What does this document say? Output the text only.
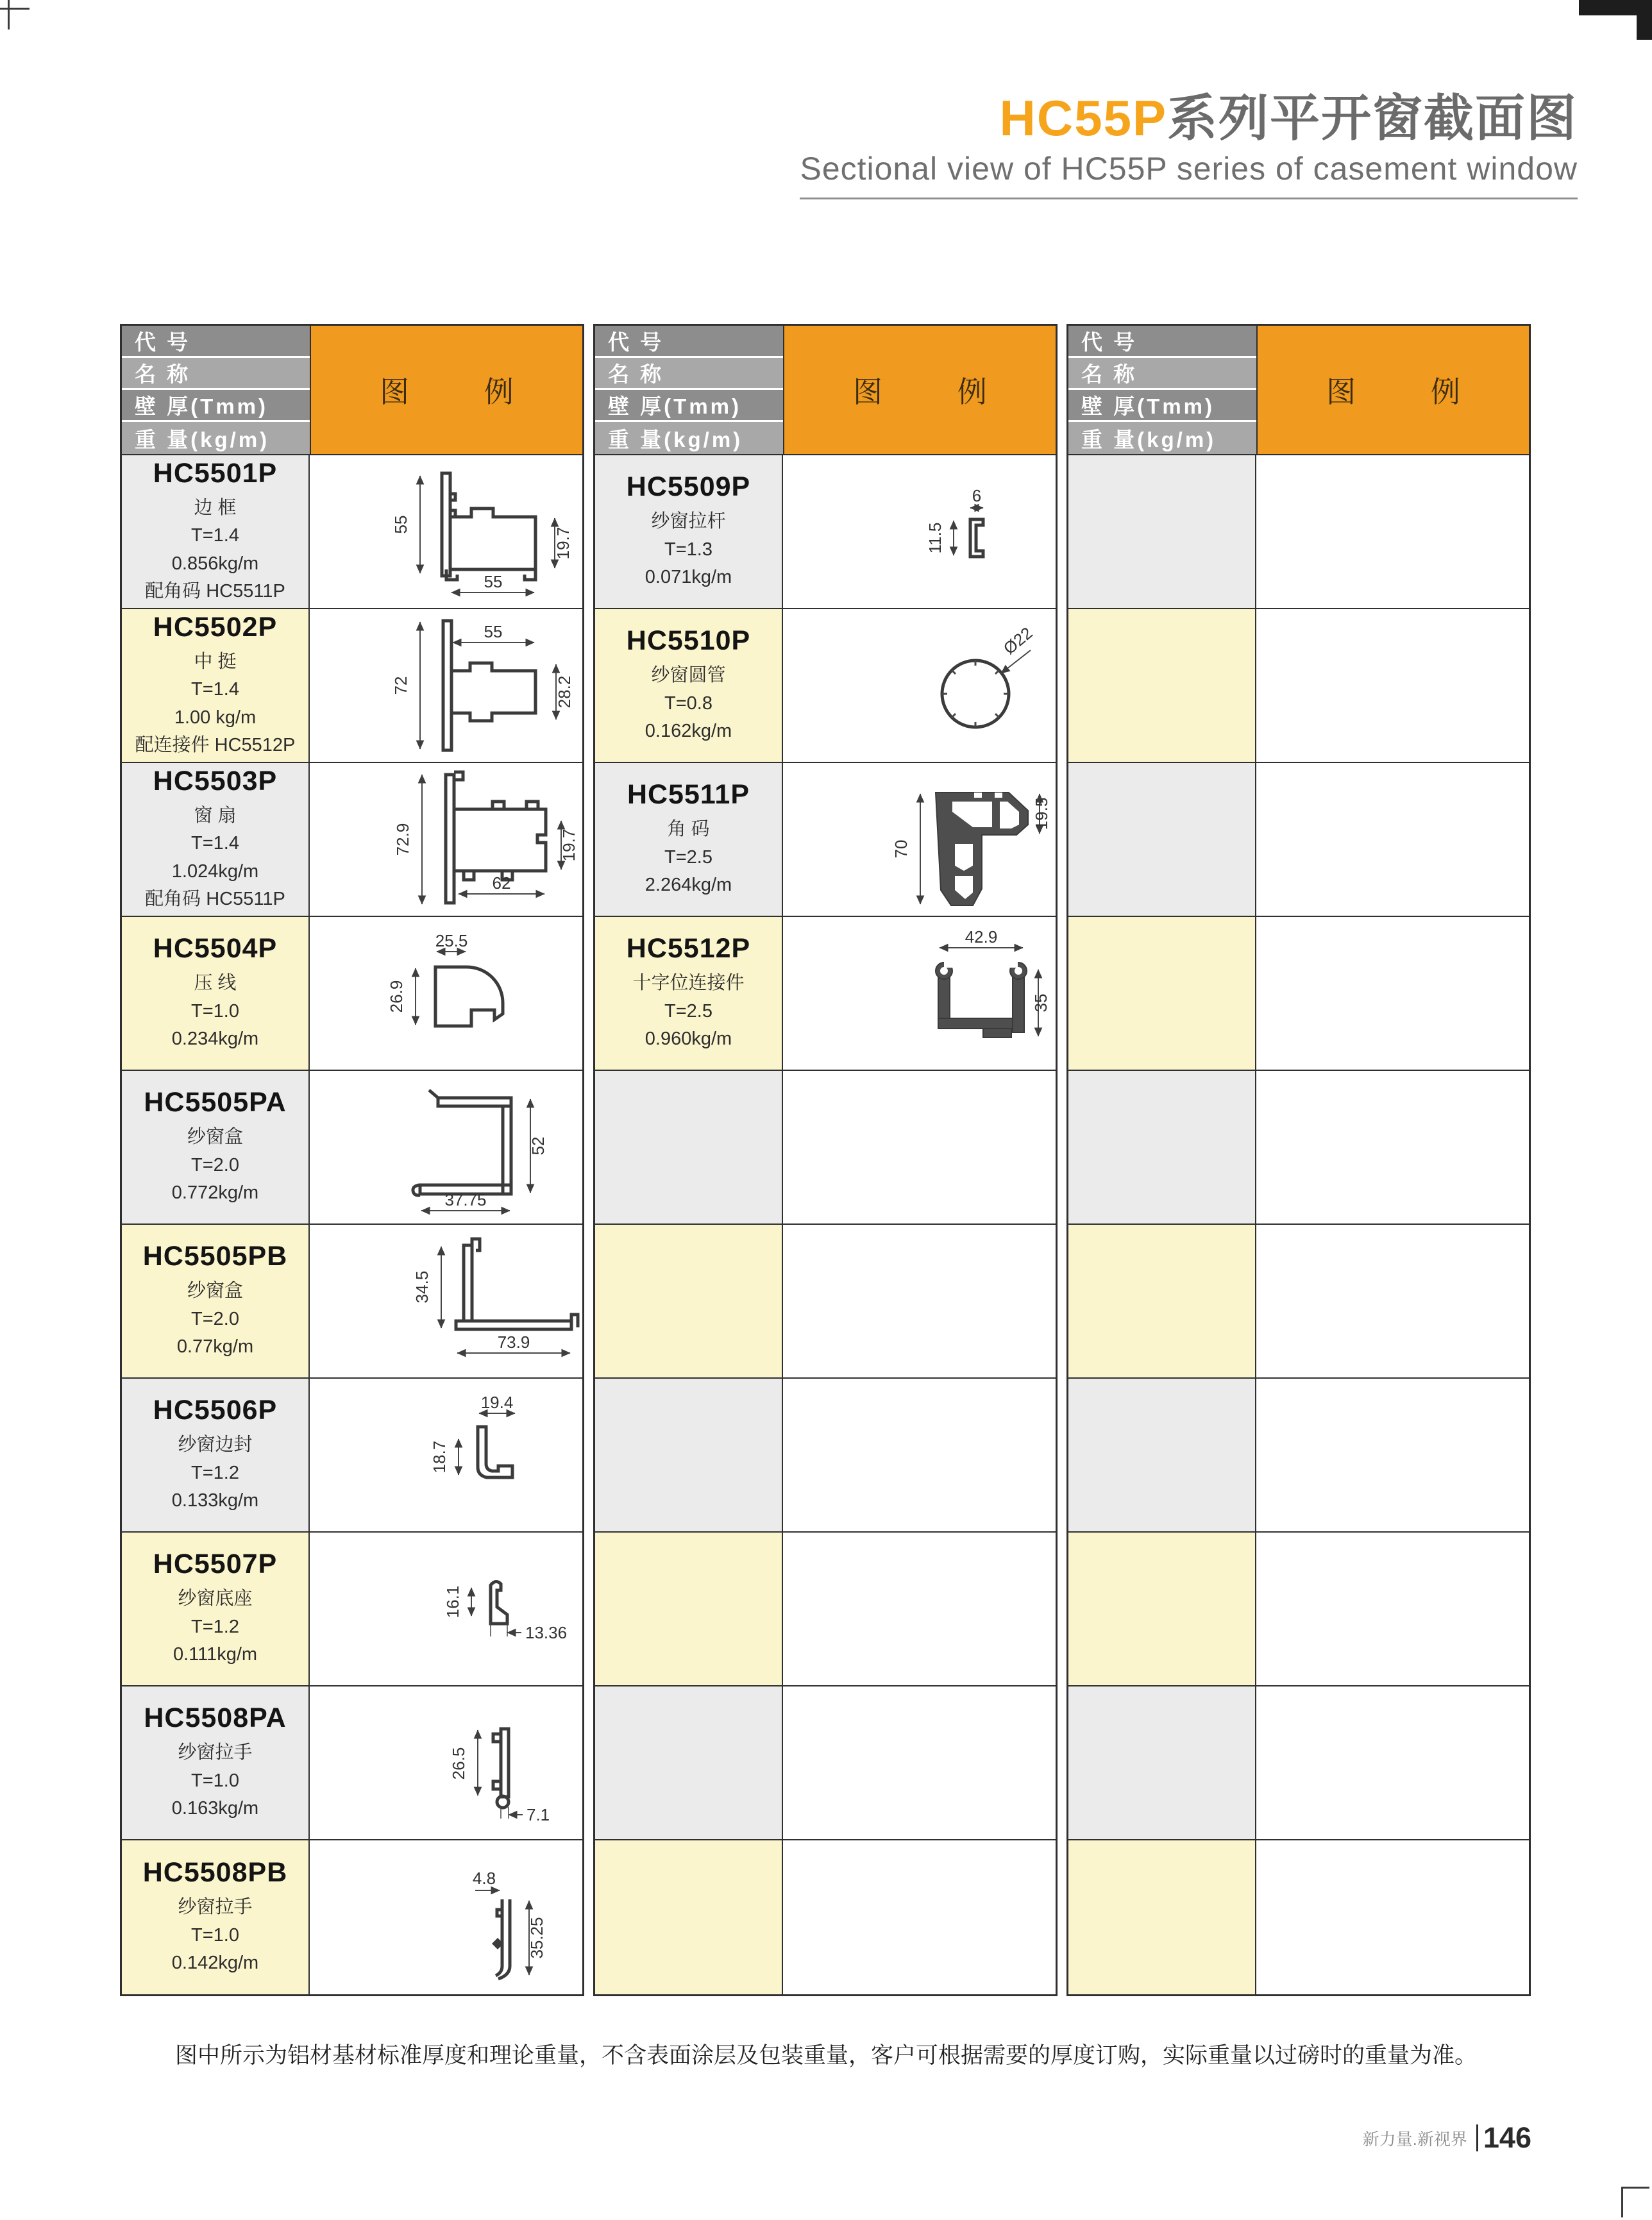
HC55P系列平开窗截面图
Sectional view of HC55P series of casement window
代 号
名 称
壁 厚(Tmm)
重 量(kg/m)
图 例
HC5501P
边 框
T=1.4
0.856kg/m
配角码 HC5511P
55
55
19.7
HC5502P
中 挺
T=1.4
1.00 kg/m
配连接件 HC5512P
55
72	28.2
HC5503P
窗 扇
T=1.4
1.024kg/m
配角码 HC5511P
72.9	19.7
62
HC5504P
压 线
T=1.0
0.234kg/m
25.5
26.9
HC5505PA
纱窗盒
T=2.0
0.772kg/m
52
37.75
HC5505PB
纱窗盒
T=2.0
0.77kg/m
34.5
73.9
HC5506P
纱窗边封
T=1.2
0.133kg/m
19.4
18.7
HC5507P
纱窗底座
T=1.2
0.111kg/m
16.1
13.36
HC5508PA
纱窗拉手
T=1.0
0.163kg/m
26.5
7.1
HC5508PB
纱窗拉手
T=1.0
0.142kg/m
4.8
35.25
代 号
名 称
壁 厚(Tmm)
重 量(kg/m)
图 例
HC5509P
纱窗拉杆
T=1.3
0.071kg/m
6
11.5
HC5510P
纱窗圆管
T=0.8
0.162kg/m
Ø22
HC5511P
角 码
T=2.5
2.264kg/m
70
19.5
HC5512P
十字位连接件
T=2.5
0.960kg/m
42.9
35
代 号
名 称
壁 厚(Tmm)
重 量(kg/m)
图 例
图中所示为铝材基材标准厚度和理论重量，不含表面涂层及包装重量，客户可根据需要的厚度订购，实际重量以过磅时的重量为准。
新力量.新视界 146
